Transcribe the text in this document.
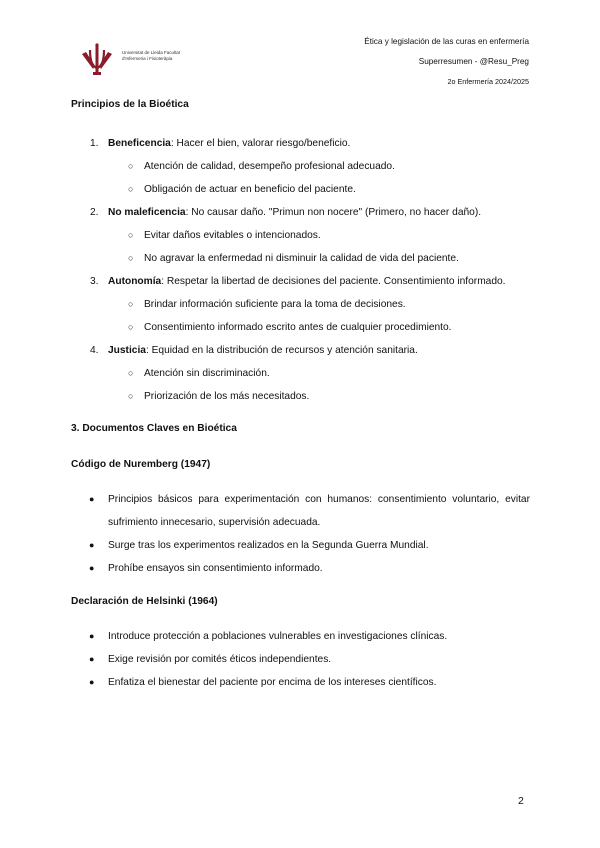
Universitat de Lleida Facultat d'Infermeria i Fisioteràpia
Ética y legislación de las curas en enfermería
Superresumen - @Resu_Preg
2o Enfermería 2024/2025

Principios de la Bioética

1. Beneficencia: Hacer el bien, valorar riesgo/beneficio.
○ Atención de calidad, desempeño profesional adecuado.
○ Obligación de actuar en beneficio del paciente.
2. No maleficencia: No causar daño. "Primun non nocere" (Primero, no hacer daño).
○ Evitar daños evitables o intencionados.
○ No agravar la enfermedad ni disminuir la calidad de vida del paciente.
3. Autonomía: Respetar la libertad de decisiones del paciente. Consentimiento informado.
○ Brindar información suficiente para la toma de decisiones.
○ Consentimiento informado escrito antes de cualquier procedimiento.
4. Justicia: Equidad en la distribución de recursos y atención sanitaria.
○ Atención sin discriminación.
○ Priorización de los más necesitados.

3. Documentos Claves en Bioética

Código de Nuremberg (1947)

● Principios básicos para experimentación con humanos: consentimiento voluntario, evitar sufrimiento innecesario, supervisión adecuada.
● Surge tras los experimentos realizados en la Segunda Guerra Mundial.
● Prohíbe ensayos sin consentimiento informado.

Declaración de Helsinki (1964)

● Introduce protección a poblaciones vulnerables en investigaciones clínicas.
● Exige revisión por comités éticos independientes.
● Enfatiza el bienestar del paciente por encima de los intereses científicos.
2
